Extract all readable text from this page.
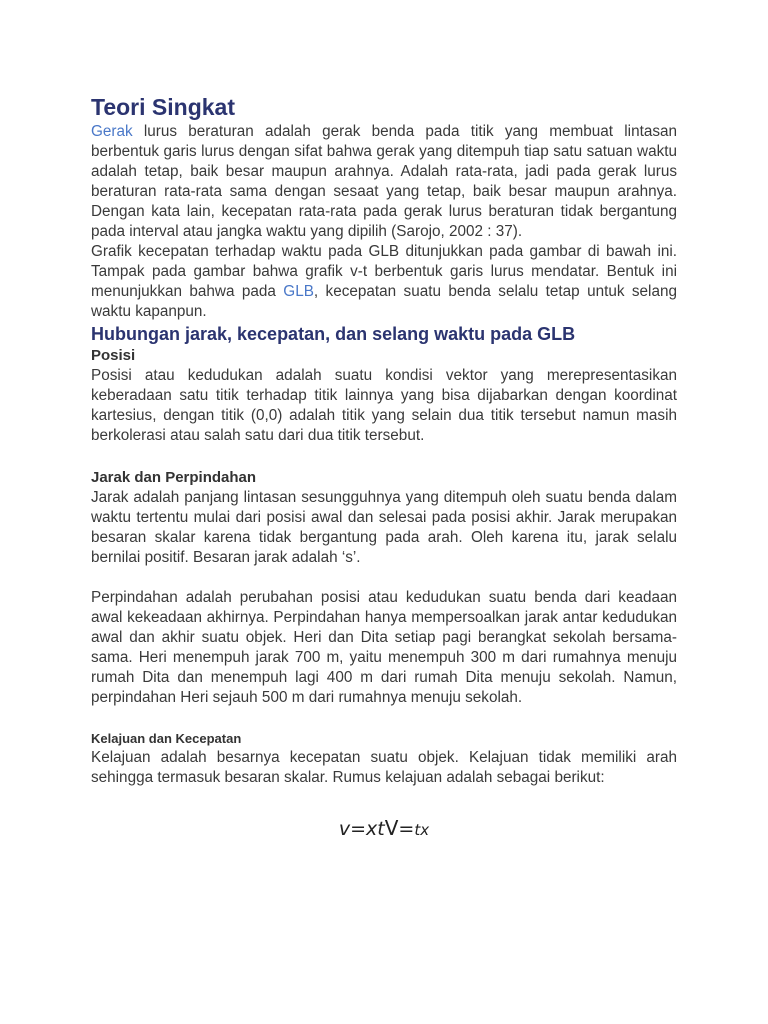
Teori Singkat

Gerak lurus beraturan adalah gerak benda pada titik yang membuat lintasan berbentuk garis lurus dengan sifat bahwa gerak yang ditempuh tiap satu satuan waktu adalah tetap, baik besar maupun arahnya. Adalah rata-rata, jadi pada gerak lurus beraturan rata-rata sama dengan sesaat yang tetap, baik besar maupun arahnya. Dengan kata lain, kecepatan rata-rata pada gerak lurus beraturan tidak bergantung pada interval atau jangka waktu yang dipilih (Sarojo, 2002 : 37).

Grafik kecepatan terhadap waktu pada GLB ditunjukkan pada gambar di bawah ini. Tampak pada gambar bahwa grafik v-t berbentuk garis lurus mendatar. Bentuk ini menunjukkan bahwa pada GLB, kecepatan suatu benda selalu tetap untuk selang waktu kapanpun.

Hubungan jarak, kecepatan, dan selang waktu pada GLB
Posisi

Posisi atau kedudukan adalah suatu kondisi vektor yang merepresentasikan keberadaan satu titik terhadap titik lainnya yang bisa dijabarkan dengan koordinat kartesius, dengan titik (0,0) adalah titik yang selain dua titik tersebut namun masih berkolerasi atau salah satu dari dua titik tersebut.

Jarak dan Perpindahan

Jarak adalah panjang lintasan sesungguhnya yang ditempuh oleh suatu benda dalam waktu tertentu mulai dari posisi awal dan selesai pada posisi akhir. Jarak merupakan besaran skalar karena tidak bergantung pada arah. Oleh karena itu, jarak selalu bernilai positif. Besaran jarak adalah ‘s’.

Perpindahan adalah perubahan posisi atau kedudukan suatu benda dari keadaan awal kekeadaan akhirnya. Perpindahan hanya mempersoalkan jarak antar kedudukan awal dan akhir suatu objek. Heri dan Dita setiap pagi berangkat sekolah bersama-sama. Heri menempuh jarak 700 m, yaitu menempuh 300 m dari rumahnya menuju rumah Dita dan menempuh lagi 400 m dari rumah Dita menuju sekolah. Namun, perpindahan Heri sejauh 500 m dari rumahnya menuju sekolah.

Kelajuan dan Kecepatan

Kelajuan adalah besarnya kecepatan suatu objek. Kelajuan tidak memiliki arah sehingga termasuk besaran skalar. Rumus kelajuan adalah sebagai berikut:

v=xtV=tx
